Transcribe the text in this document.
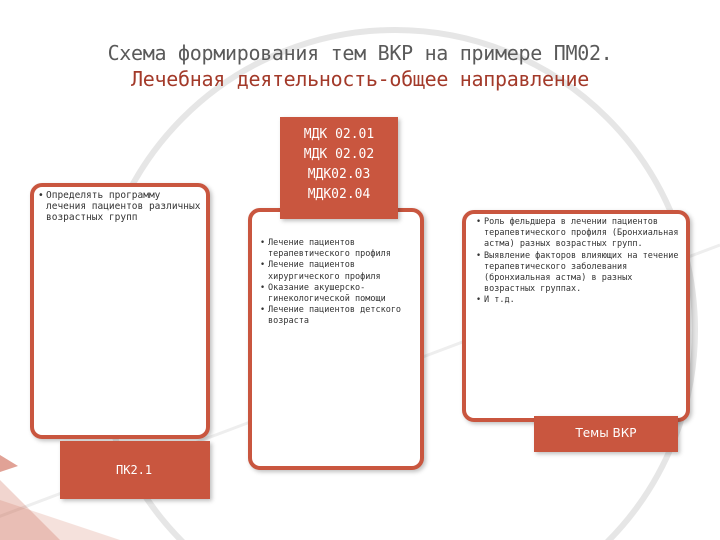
Схема формирования тем ВКР на примере ПМ02.
Лечебная деятельность-общее направление
• Определять программу лечения пациентов различных возрастных групп
• Лечение пациентов терапевтического профиля
• Лечение пациентов хирургического профиля
• Оказание акушерско-гинекологической помощи
• Лечение пациентов детского возраста
• Роль фельдшера в лечении пациентов терапевтического профиля (Бронхиальная астма) разных возрастных групп.
• Выявление факторов влияющих на течение терапевтического заболевания (бронхиальная астма) в разных возрастных группах.
• И т.д.
МДК 02.01
МДК 02.02
МДК02.03
МДК02.04
ПК2.1
Темы ВКР
